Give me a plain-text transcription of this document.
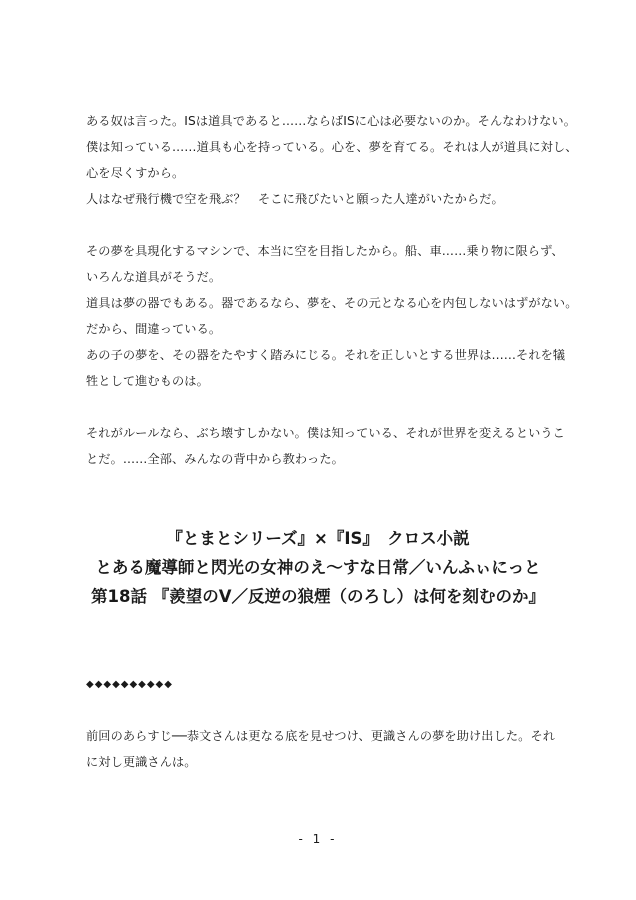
ある奴は言った。ISは道具であると……ならばISに心は必要ないのか。そんなわけない。
僕は知っている……道具も心を持っている。心を、夢を育てる。それは人が道具に対し、
心を尽くすから。
人はなぜ飛行機で空を飛ぶ？　そこに飛びたいと願った人達がいたからだ。
その夢を具現化するマシンで、本当に空を目指したから。船、車……乗り物に限らず、
いろんな道具がそうだ。
道具は夢の器でもある。器であるなら、夢を、その元となる心を内包しないはずがない。
だから、間違っている。
あの子の夢を、その器をたやすく踏みにじる。それを正しいとする世界は……それを犠
牲として進むものは。
それがルールなら、ぶち壊すしかない。僕は知っている、それが世界を変えるというこ
とだ。……全部、みんなの背中から教わった。
『とまとシリーズ』×『IS』　クロス小説
とある魔導師と閃光の女神のえ～すな日常／いんふぃにっと
第18話 『羨望のV／反逆の狼煙（のろし）は何を刻むのか』
◆◆◆◆◆◆◆◆◆◆
前回のあらすじ──恭文さんは更なる底を見せつけ、更識さんの夢を助け出した。それ
に対し更識さんは。
- 1 -
